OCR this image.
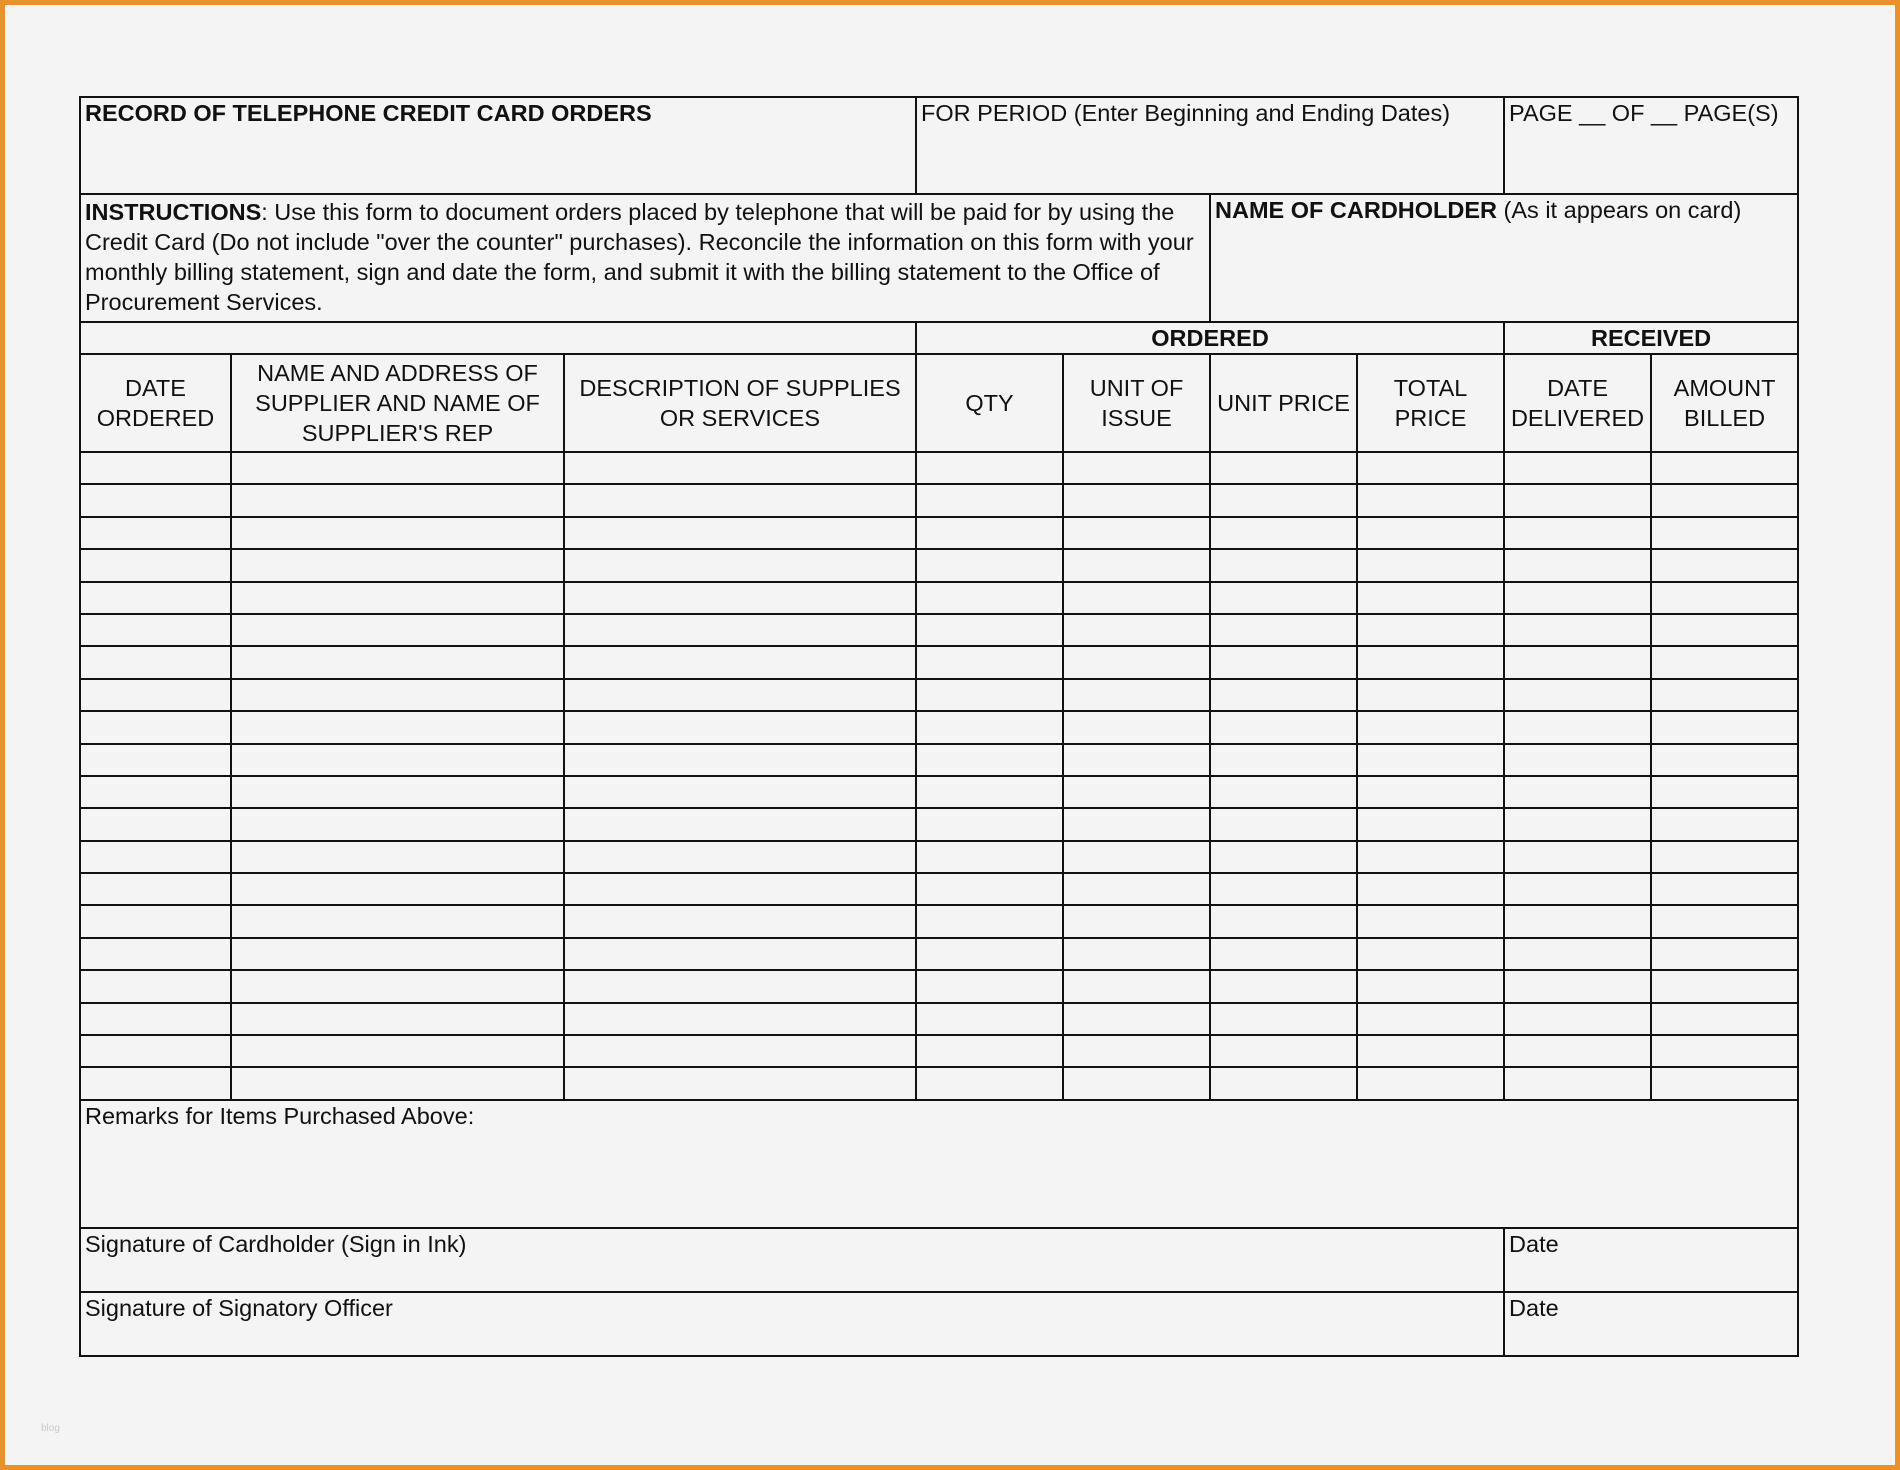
RECORD OF TELEPHONE CREDIT CARD ORDERS			FOR PERIOD (Enter Beginning and Ending Dates)				PAGE __ OF __ PAGE(S)	

INSTRUCTIONS: Use this form to document orders placed by telephone that will be paid for by using the Credit Card (Do not include "over the counter" purchases). Reconcile the information on this form with your monthly billing statement, sign and date the form, and submit it with the billing statement to the Office of Procurement Services.					NAME OF CARDHOLDER (As it appears on card)			
			ORDERED				RECEIVED	
DATE ORDERED	NAME AND ADDRESS OF SUPPLIER AND NAME OF SUPPLIER'S REP	DESCRIPTION OF SUPPLIES OR SERVICES	QTY	UNIT OF ISSUE	UNIT PRICE	TOTAL PRICE	DATE DELIVERED	AMOUNT BILLED

Remarks for Items Purchased Above:								
Signature of Cardholder (Sign in Ink)							Date	
Signature of Signatory Officer							Date	
blog
